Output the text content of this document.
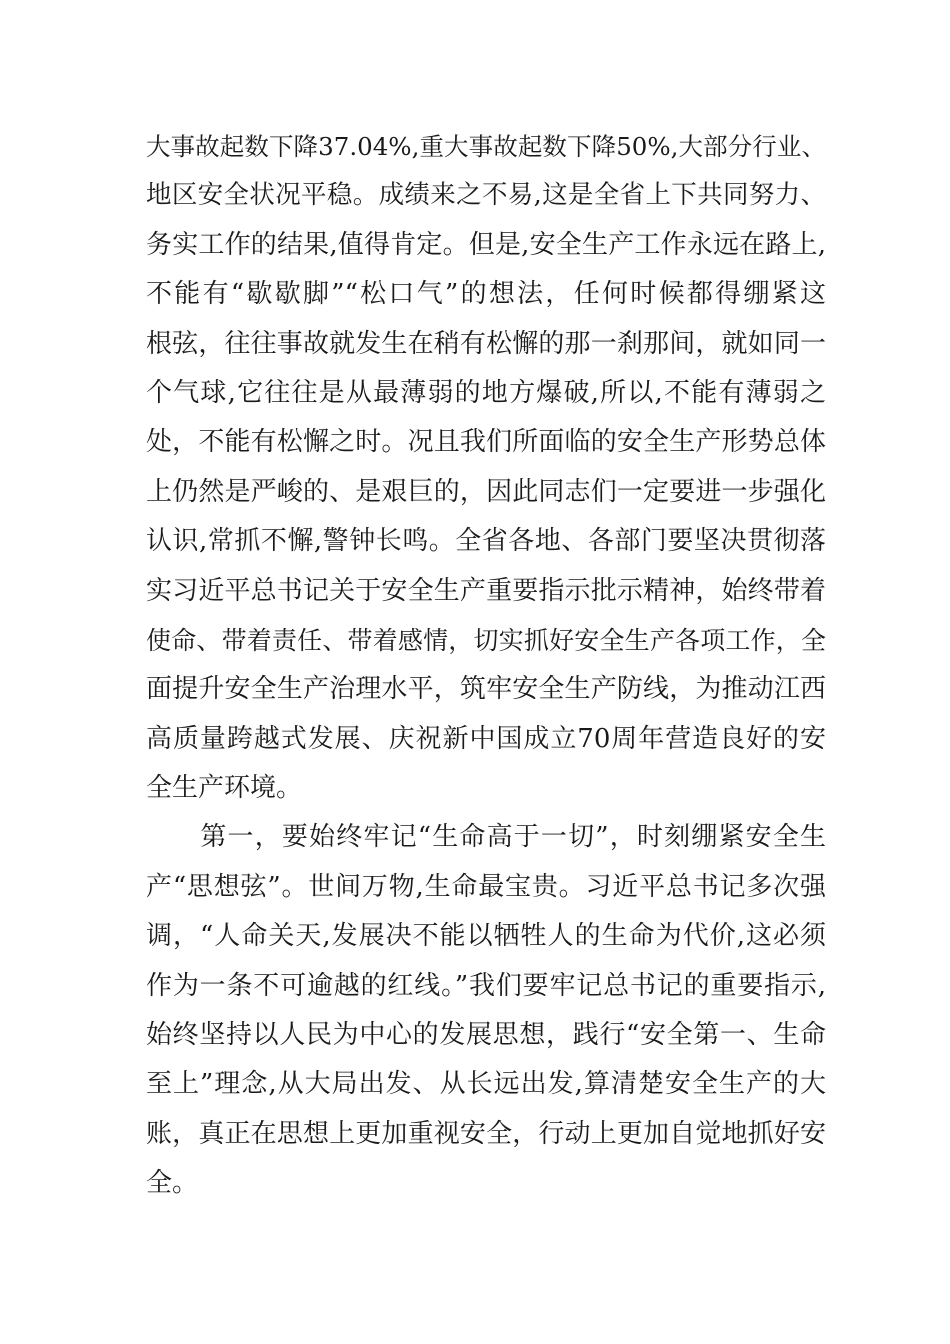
大事故起数下降37.04%,重大事故起数下降50%,大部分行业、
地区安全状况平稳。成绩来之不易,这是全省上下共同努力、
务实工作的结果,值得肯定。但是,安全生产工作永远在路上,
不能有“歇歇脚”“松口气”的想法，任何时候都得绷紧这
根弦，往往事故就发生在稍有松懈的那一刹那间，就如同一
个气球,它往往是从最薄弱的地方爆破,所以,不能有薄弱之
处，不能有松懈之时。况且我们所面临的安全生产形势总体
上仍然是严峻的、是艰巨的，因此同志们一定要进一步强化
认识,常抓不懈,警钟长鸣。全省各地、各部门要坚决贯彻落
实习近平总书记关于安全生产重要指示批示精神，始终带着
使命、带着责任、带着感情，切实抓好安全生产各项工作，全
面提升安全生产治理水平，筑牢安全生产防线，为推动江西
高质量跨越式发展、庆祝新中国成立70周年营造良好的安
全生产环境。
　　第一，要始终牢记“生命高于一切”，时刻绷紧安全生
产“思想弦”。世间万物,生命最宝贵。习近平总书记多次强
调，“人命关天,发展决不能以牺牲人的生命为代价,这必须
作为一条不可逾越的红线。”我们要牢记总书记的重要指示,
始终坚持以人民为中心的发展思想，践行“安全第一、生命
至上”理念,从大局出发、从长远出发,算清楚安全生产的大
账，真正在思想上更加重视安全，行动上更加自觉地抓好安
全。
